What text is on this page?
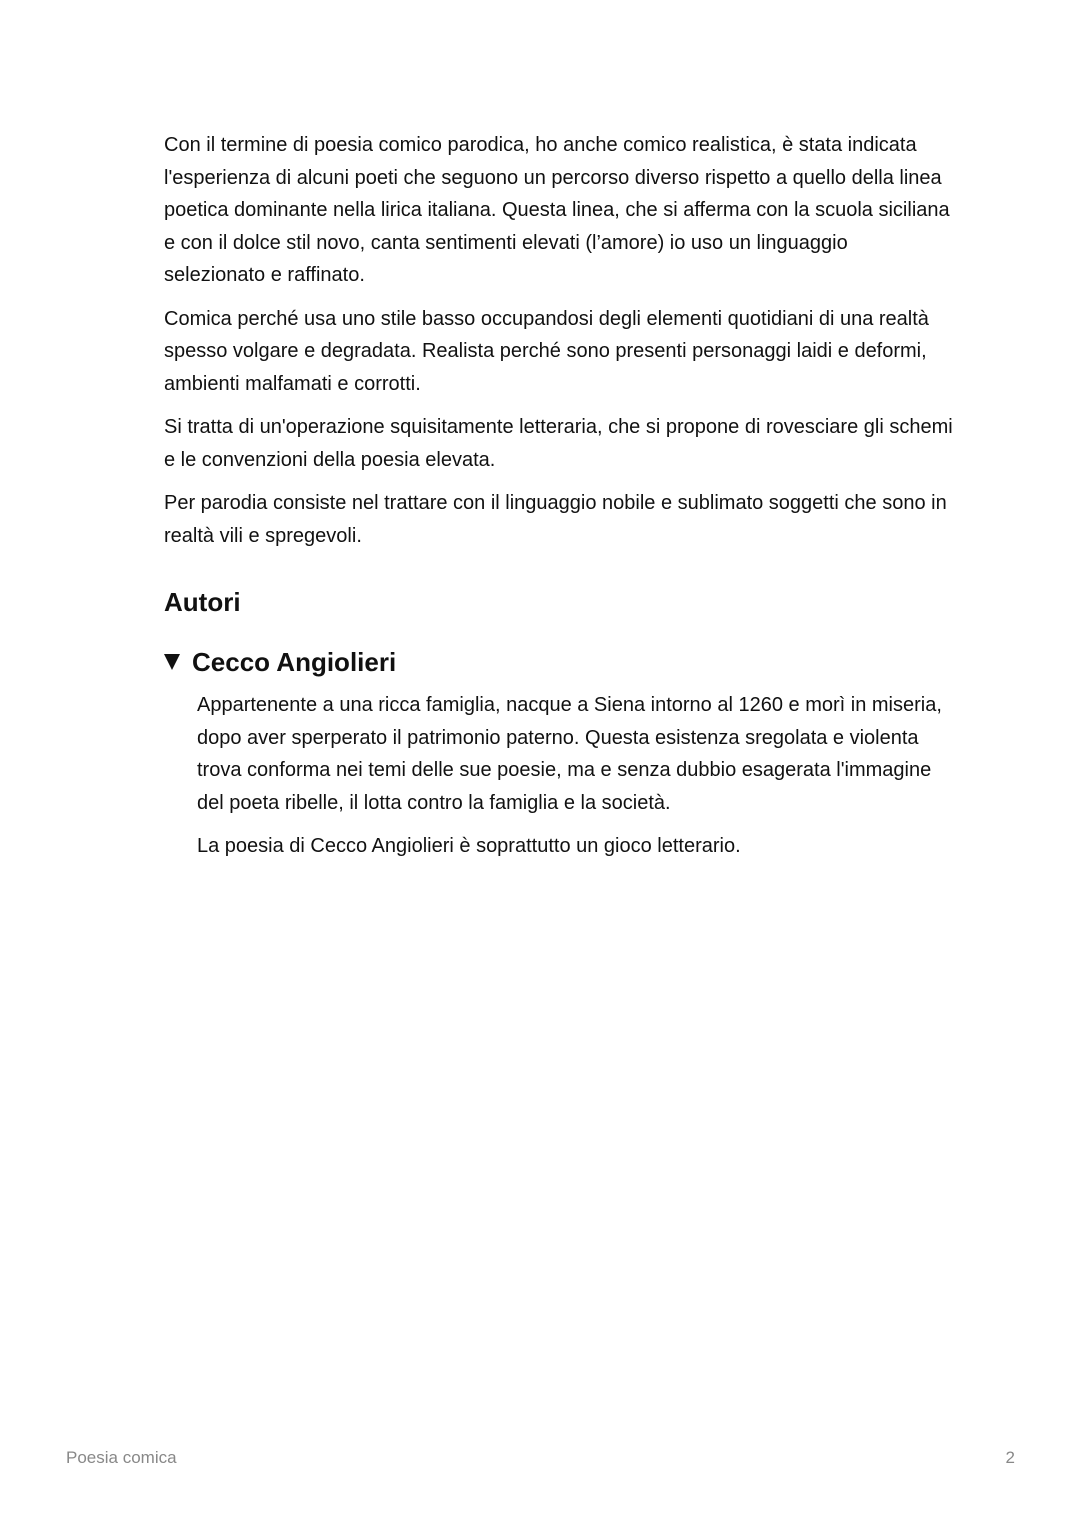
Con il termine di poesia comico parodica, ho anche comico realistica, è stata indicata l'esperienza di alcuni poeti che seguono un percorso diverso rispetto a quello della linea poetica dominante nella lirica italiana. Questa linea, che si afferma con la scuola siciliana e con il dolce stil novo, canta sentimenti elevati (l’amore) io uso un linguaggio selezionato e raffinato.

Comica perché usa uno stile basso occupandosi degli elementi quotidiani di una realtà spesso volgare e degradata. Realista perché sono presenti personaggi laidi e deformi, ambienti malfamati e corrotti.

Si tratta di un'operazione squisitamente letteraria, che si propone di rovesciare gli schemi e le convenzioni della poesia elevata.

Per parodia consiste nel trattare con il linguaggio nobile e sublimato soggetti che sono in realtà vili e spregevoli.

Autori
Cecco Angiolieri

Appartenente a una ricca famiglia, nacque a Siena intorno al 1260 e morì in miseria, dopo aver sperperato il patrimonio paterno. Questa esistenza sregolata e violenta trova conforma nei temi delle sue poesie, ma e senza dubbio esagerata l'immagine del poeta ribelle, il lotta contro la famiglia e la società.

La poesia di Cecco Angiolieri è soprattutto un gioco letterario.

Poesia comica	2
